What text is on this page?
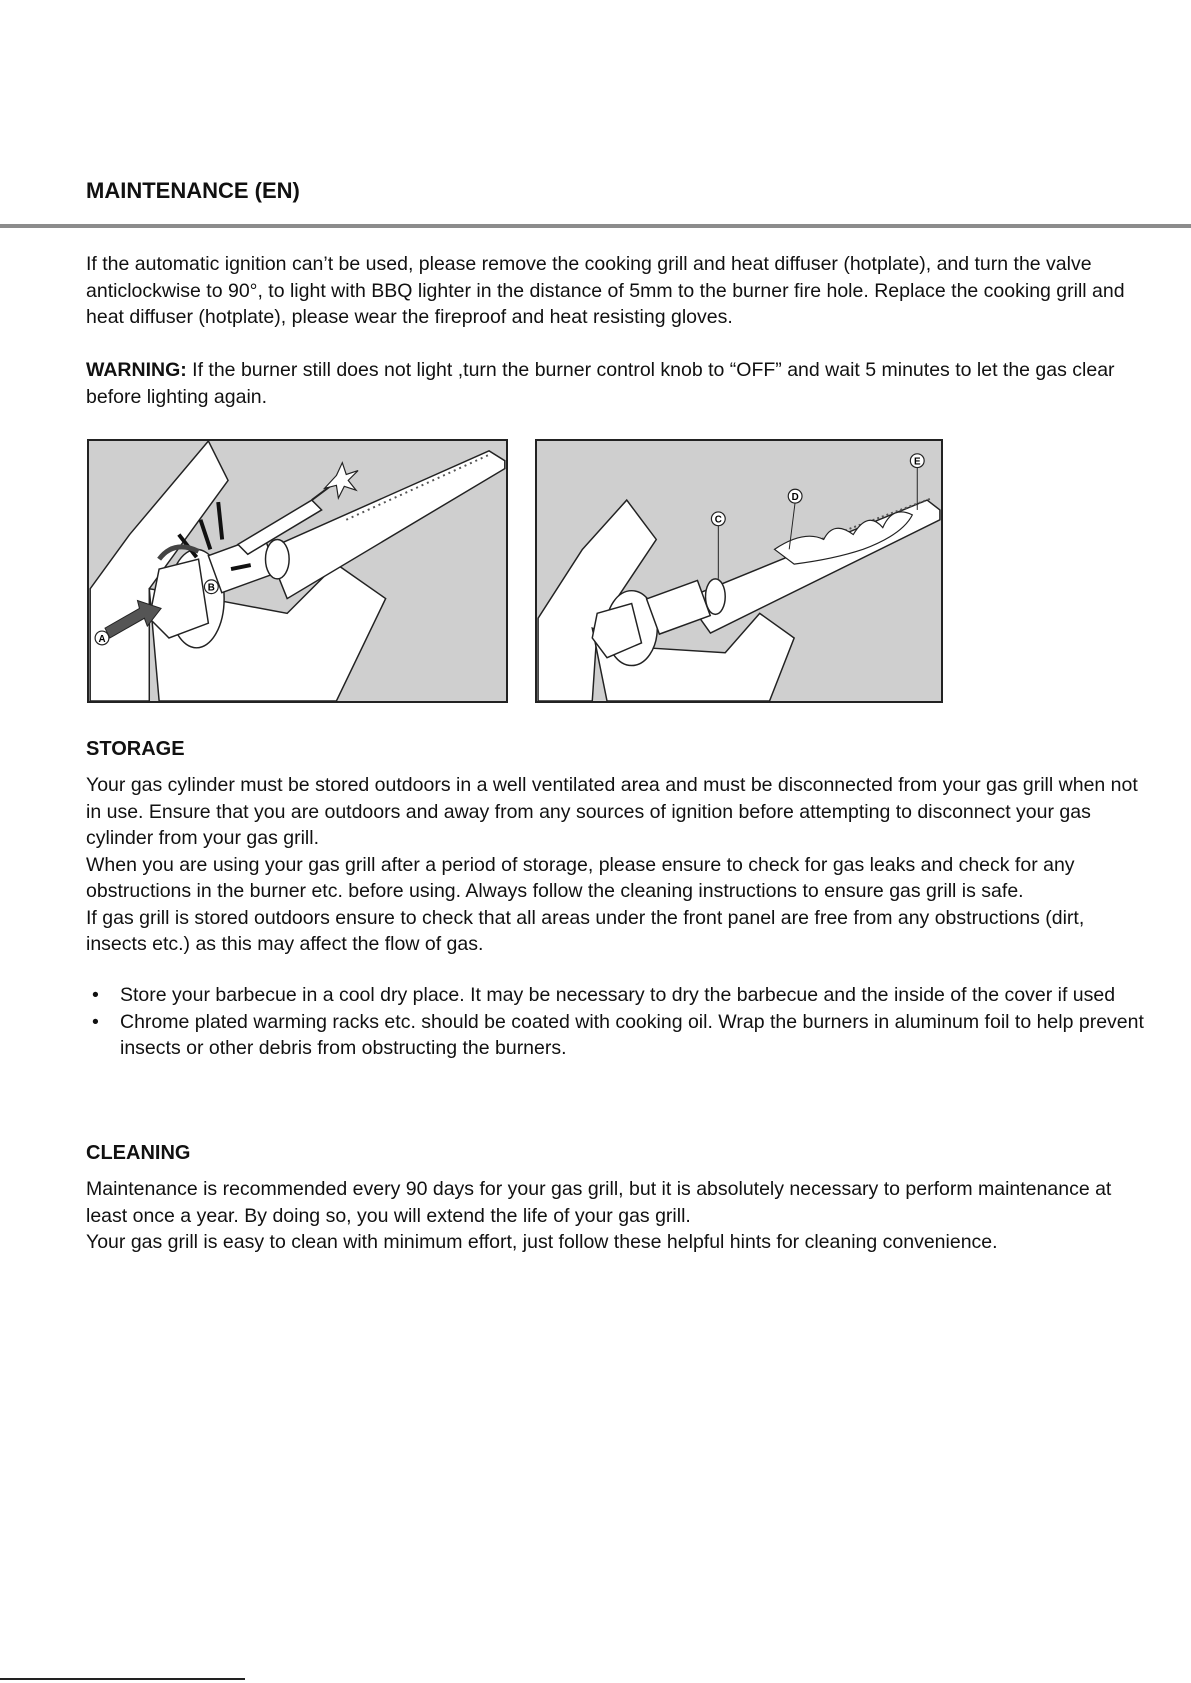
MAINTENANCE (EN)

If the automatic ignition can’t be used, please remove the cooking grill and heat diffuser (hotplate), and turn the valve anticlockwise to 90°, to light with BBQ lighter in the distance of 5mm to the burner fire hole. Replace the cooking grill and heat diffuser (hotplate), please wear the fireproof and heat resisting gloves.

WARNING: If the burner still does not light ,turn the burner control knob to “OFF” and wait 5 minutes to let the gas clear before lighting again.

A
B
C
D
E
STORAGE
Your gas cylinder must be stored outdoors in a well ventilated area and must be disconnected from your gas grill when not in use. Ensure that you are outdoors and away from any sources of ignition before attempting to disconnect your gas cylinder from your gas grill.
When you are using your gas grill after a period of storage, please ensure to check for gas leaks and check for any obstructions in the burner etc. before using. Always follow the cleaning instructions to ensure gas grill is safe.
If gas grill is stored outdoors ensure to check that all areas under the front panel are free from any obstructions (dirt, insects etc.) as this may affect the flow of gas.
• Store your barbecue in a cool dry place. It may be necessary to dry the barbecue and the inside of the cover if used
• Chrome plated warming racks etc. should be coated with cooking oil. Wrap the burners in aluminum foil to help prevent insects or other debris from obstructing the burners.
CLEANING
Maintenance is recommended every 90 days for your gas grill, but it is absolutely necessary to perform maintenance at least once a year. By doing so, you will extend the life of your gas grill.
Your gas grill is easy to clean with minimum effort, just follow these helpful hints for cleaning convenience.
